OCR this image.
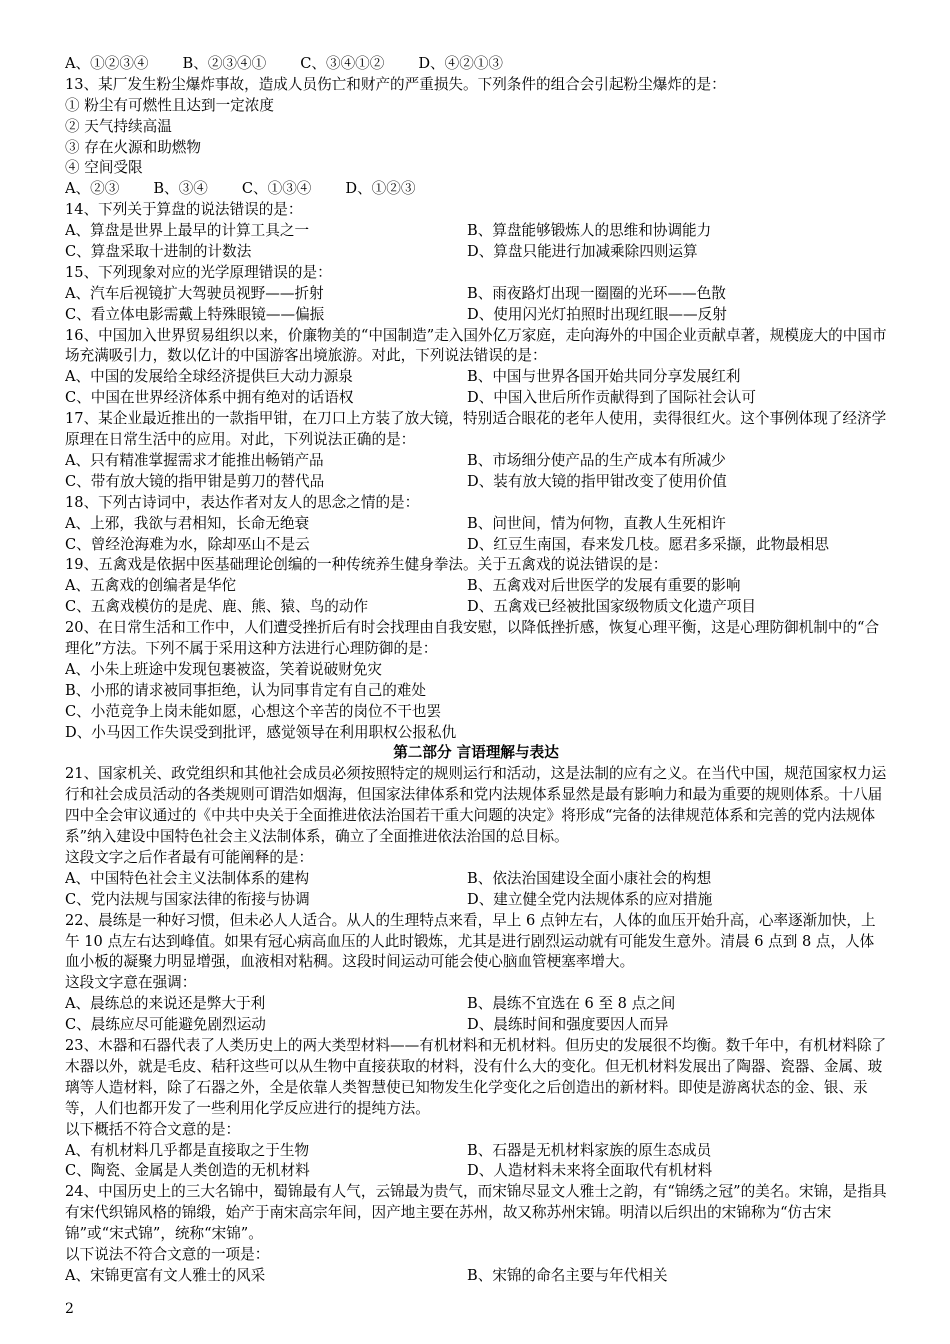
A、①②③④ B、②③④① C、③④①② D、④②①③
13、某厂发生粉尘爆炸事故，造成人员伤亡和财产的严重损失。下列条件的组合会引起粉尘爆炸的是：
① 粉尘有可燃性且达到一定浓度
② 天气持续高温
③ 存在火源和助燃物
④ 空间受限
A、②③ B、③④ C、①③④ D、①②③
14、下列关于算盘的说法错误的是：
A、算盘是世界上最早的计算工具之一	B、算盘能够锻炼人的思维和协调能力
C、算盘采取十进制的计数法	D、算盘只能进行加减乘除四则运算
15、下列现象对应的光学原理错误的是：
A、汽车后视镜扩大驾驶员视野——折射	B、雨夜路灯出现一圈圈的光环——色散
C、看立体电影需戴上特殊眼镜——偏振	D、使用闪光灯拍照时出现红眼——反射
16、中国加入世界贸易组织以来，价廉物美的“中国制造”走入国外亿万家庭，走向海外的中国企业贡献卓著，规模庞大的中国市场充满吸引力，数以亿计的中国游客出境旅游。对此，下列说法错误的是：
A、中国的发展给全球经济提供巨大动力源泉	B、中国与世界各国开始共同分享发展红利
C、中国在世界经济体系中拥有绝对的话语权	D、中国入世后所作贡献得到了国际社会认可
17、某企业最近推出的一款指甲钳，在刀口上方装了放大镜，特别适合眼花的老年人使用，卖得很红火。这个事例体现了经济学原理在日常生活中的应用。对此，下列说法正确的是：
A、只有精准掌握需求才能推出畅销产品	B、市场细分使产品的生产成本有所减少
C、带有放大镜的指甲钳是剪刀的替代品	D、装有放大镜的指甲钳改变了使用价值
18、下列古诗词中，表达作者对友人的思念之情的是：
A、上邪，我欲与君相知，长命无绝衰	B、问世间，情为何物，直教人生死相许
C、曾经沧海难为水，除却巫山不是云	D、红豆生南国，春来发几枝。愿君多采撷，此物最相思
19、五禽戏是依据中医基础理论创编的一种传统养生健身拳法。关于五禽戏的说法错误的是：
A、五禽戏的创编者是华佗	B、五禽戏对后世医学的发展有重要的影响
C、五禽戏模仿的是虎、鹿、熊、猿、鸟的动作	D、五禽戏已经被批国家级物质文化遗产项目
20、在日常生活和工作中，人们遭受挫折后有时会找理由自我安慰，以降低挫折感，恢复心理平衡，这是心理防御机制中的“合理化”方法。下列不属于采用这种方法进行心理防御的是：
A、小朱上班途中发现包裹被盗，笑着说破财免灾
B、小邢的请求被同事拒绝，认为同事肯定有自己的难处
C、小范竞争上岗未能如愿，心想这个辛苦的岗位不干也罢
D、小马因工作失误受到批评，感觉领导在利用职权公报私仇
第二部分 言语理解与表达
21、国家机关、政党组织和其他社会成员必须按照特定的规则运行和活动，这是法制的应有之义。在当代中国，规范国家权力运行和社会成员活动的各类规则可谓浩如烟海，但国家法律体系和党内法规体系显然是最有影响力和最为重要的规则体系。十八届四中全会审议通过的《中共中央关于全面推进依法治国若干重大问题的决定》将形成“完备的法律规范体系和完善的党内法规体系”纳入建设中国特色社会主义法制体系，确立了全面推进依法治国的总目标。
这段文字之后作者最有可能阐释的是：
A、中国特色社会主义法制体系的建构	B、依法治国建设全面小康社会的构想
C、党内法规与国家法律的衔接与协调	D、建立健全党内法规体系的应对措施
22、晨练是一种好习惯，但未必人人适合。从人的生理特点来看，早上 6 点钟左右，人体的血压开始升高，心率逐渐加快，上午 10 点左右达到峰值。如果有冠心病高血压的人此时锻炼，尤其是进行剧烈运动就有可能发生意外。清晨 6 点到 8 点，人体血小板的凝聚力明显增强，血液相对粘稠。这段时间运动可能会使心脑血管梗塞率增大。
这段文字意在强调：
A、晨练总的来说还是弊大于利	B、晨练不宜选在 6 至 8 点之间
C、晨练应尽可能避免剧烈运动	D、晨练时间和强度要因人而异
23、木器和石器代表了人类历史上的两大类型材料——有机材料和无机材料。但历史的发展很不均衡。数千年中，有机材料除了木器以外，就是毛皮、秸秆这些可以从生物中直接获取的材料，没有什么大的变化。但无机材料发展出了陶器、瓷器、金属、玻璃等人造材料，除了石器之外，全是依靠人类智慧使已知物发生化学变化之后创造出的新材料。即使是游离状态的金、银、汞等，人们也都开发了一些利用化学反应进行的提纯方法。
以下概括不符合文意的是：
A、有机材料几乎都是直接取之于生物	B、石器是无机材料家族的原生态成员
C、陶瓷、金属是人类创造的无机材料	D、人造材料未来将全面取代有机材料
24、中国历史上的三大名锦中，蜀锦最有人气，云锦最为贵气，而宋锦尽显文人雅士之韵，有“锦绣之冠”的美名。宋锦，是指具有宋代织锦风格的锦缎，始产于南宋高宗年间，因产地主要在苏州，故又称苏州宋锦。明清以后织出的宋锦称为“仿古宋锦”或“宋式锦”，统称“宋锦”。
以下说法不符合文意的一项是：
A、宋锦更富有文人雅士的风采	B、宋锦的命名主要与年代相关
2
